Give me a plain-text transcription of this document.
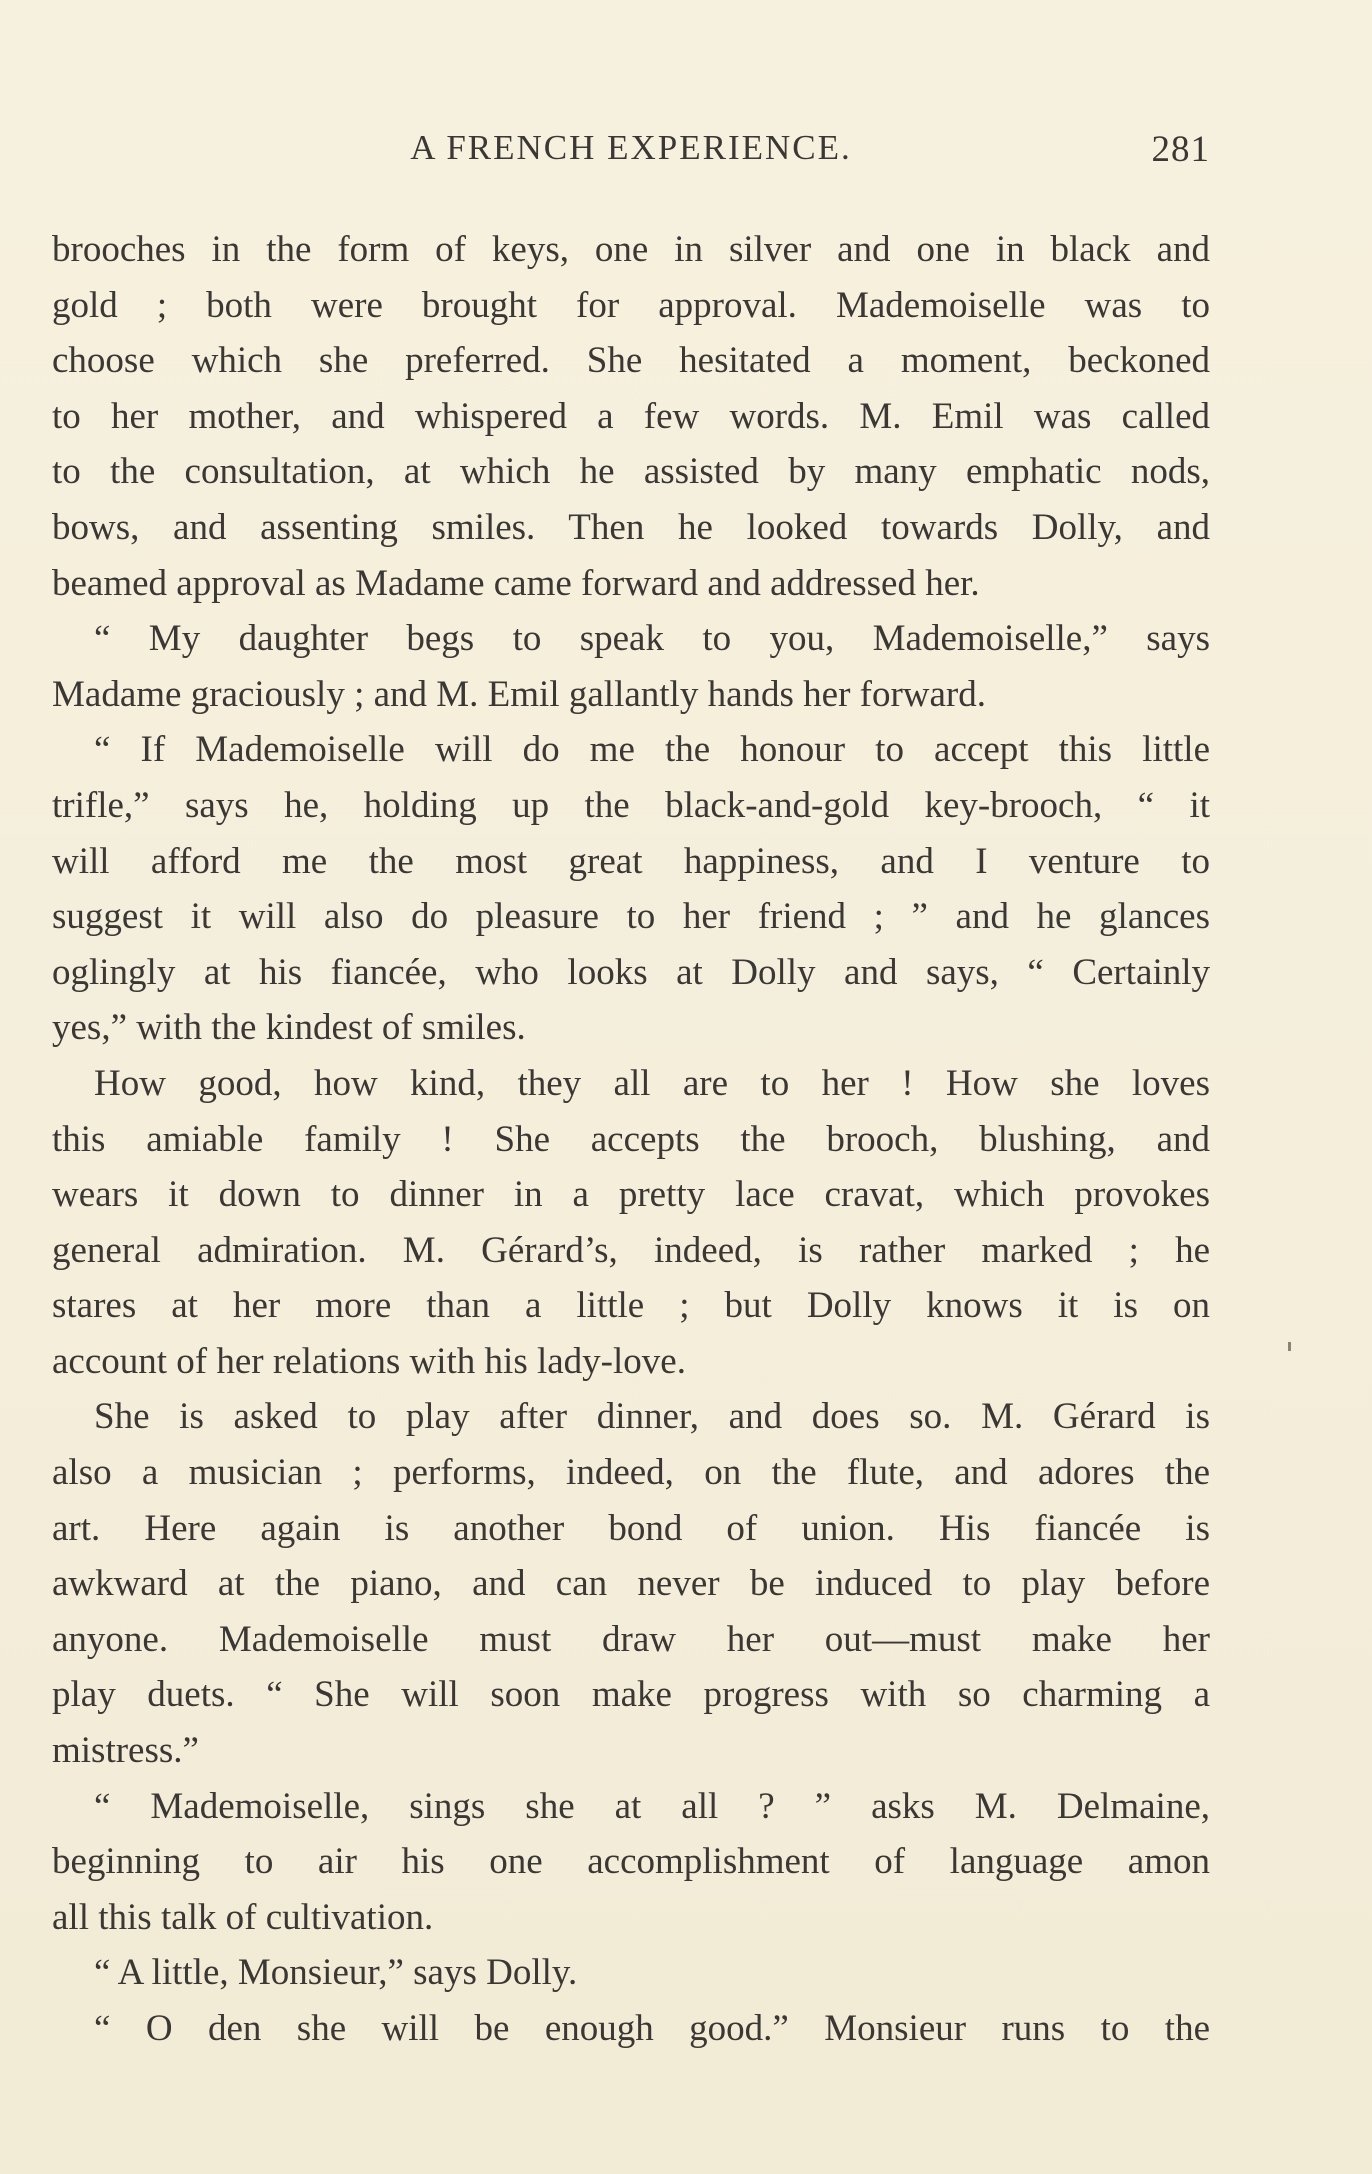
A FRENCH EXPERIENCE.	281
brooches in the form of keys, one in silver and one in black and
gold ; both were brought for approval. Mademoiselle was to
choose which she preferred. She hesitated a moment, beckoned
to her mother, and whispered a few words. M. Emil was called
to the consultation, at which he assisted by many emphatic nods,
bows, and assenting smiles. Then he looked towards Dolly, and
beamed approval as Madame came forward and addressed her.
“ My daughter begs to speak to you, Mademoiselle,” says
Madame graciously ; and M. Emil gallantly hands her forward.
“ If Mademoiselle will do me the honour to accept this little
trifle,” says he, holding up the black-and-gold key-brooch, “ it
will afford me the most great happiness, and I venture to
suggest it will also do pleasure to her friend ; ” and he glances
oglingly at his fiancée, who looks at Dolly and says, “ Certainly
yes,” with the kindest of smiles.
How good, how kind, they all are to her ! How she loves
this amiable family ! She accepts the brooch, blushing, and
wears it down to dinner in a pretty lace cravat, which provokes
general admiration. M. Gérard’s, indeed, is rather marked ; he
stares at her more than a little ; but Dolly knows it is on
account of her relations with his lady-love.
She is asked to play after dinner, and does so. M. Gérard is
also a musician ; performs, indeed, on the flute, and adores the
art. Here again is another bond of union. His fiancée is
awkward at the piano, and can never be induced to play before
anyone. Mademoiselle must draw her out—must make her
play duets. “ She will soon make progress with so charming a
mistress.”
“ Mademoiselle, sings she at all ? ” asks M. Delmaine,
beginning to air his one accomplishment of language amon
all this talk of cultivation.
“ A little, Monsieur,” says Dolly.
“ O den she will be enough good.” Monsieur runs to the
